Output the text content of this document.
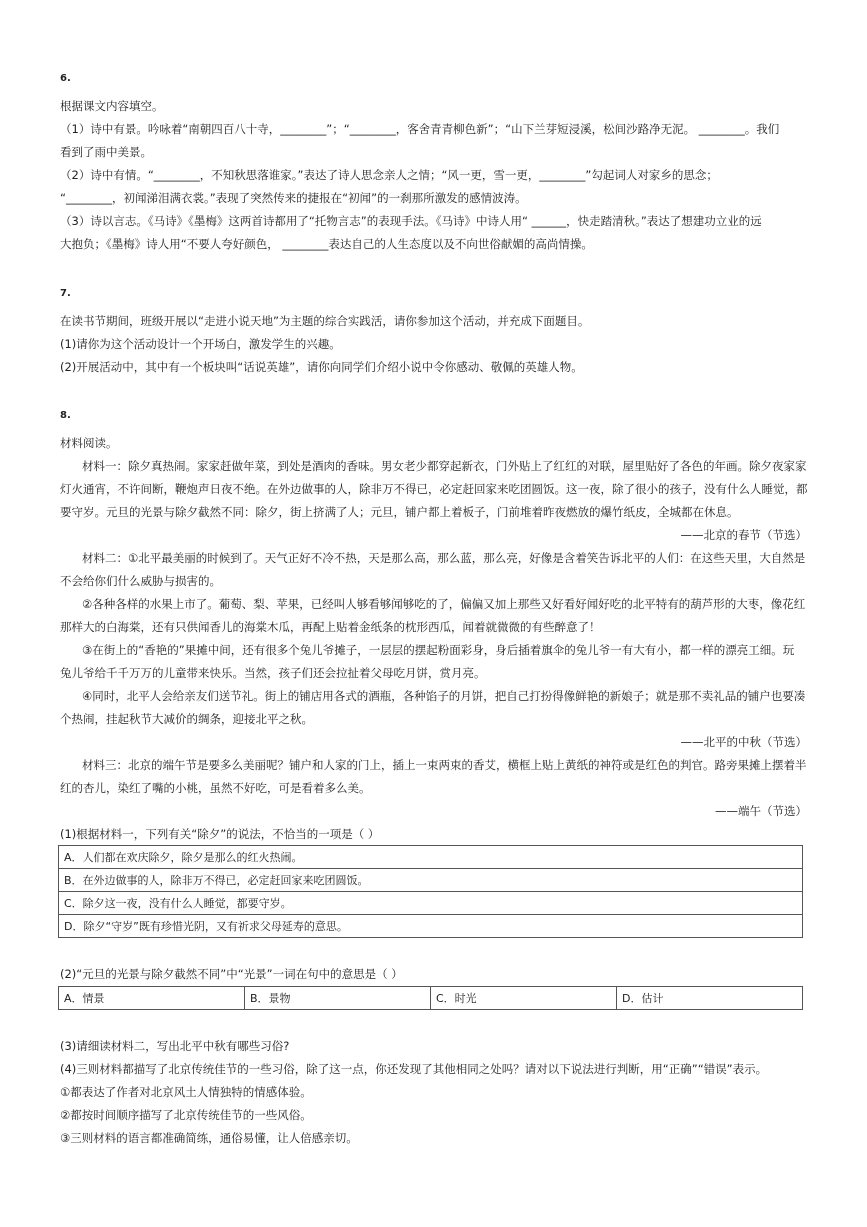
6.
根据课文内容填空。
（1）诗中有景。吟咏着“南朝四百八十寺，________”；“________，客舍青青柳色新”；“山下兰芽短浸溪，松间沙路净无泥。 ________。我们
看到了雨中美景。
（2）诗中有情。“________，不知秋思落谁家。”表达了诗人思念亲人之情；“风一更，雪一更，________”勾起词人对家乡的思念；
“________，初闻涕泪满衣裳。”表现了突然传来的捷报在“初闻”的一刹那所激发的感情波涛。
（3）诗以言志。《马诗》《墨梅》这两首诗都用了“托物言志”的表现手法。《马诗》中诗人用“ ______，快走踏清秋。”表达了想建功立业的远
大抱负；《墨梅》诗人用“不要人夸好颜色， ________表达自己的人生态度以及不向世俗献媚的高尚情操。
7.
在读书节期间，班级开展以“走进小说天地”为主题的综合实践活，请你参加这个活动，并充成下面题目。
(1)请你为这个活动设计一个开场白，激发学生的兴趣。
(2)开展活动中，其中有一个板块叫“话说英雄”，请你向同学们介绍小说中令你感动、敬佩的英雄人物。
8.
材料阅读。
材料一：除夕真热闹。家家赶做年菜，到处是酒肉的香味。男女老少都穿起新衣，门外贴上了红红的对联，屋里贴好了各色的年画。除夕夜家家
灯火通宵，不许间断，鞭炮声日夜不绝。在外边做事的人，除非万不得已，必定赶回家来吃团圆饭。这一夜，除了很小的孩子，没有什么人睡觉，都
要守岁。元旦的光景与除夕截然不同：除夕，街上挤满了人；元旦，铺户都上着板子，门前堆着昨夜燃放的爆竹纸皮，全城都在休息。
——北京的春节（节选）
材料二：①北平最美丽的时候到了。天气正好不冷不热，天是那么高，那么蓝，那么亮，好像是含着笑告诉北平的人们：在这些天里，大自然是
不会给你们什么威胁与损害的。
②各种各样的水果上市了。葡萄、梨、苹果，已经叫人够看够闻够吃的了，偏偏又加上那些又好看好闻好吃的北平特有的葫芦形的大枣，像花红
那样大的白海棠，还有只供闻香儿的海棠木瓜，再配上贴着金纸条的枕形西瓜，闻着就微微的有些醉意了！
③在街上的“香艳的”果摊中间，还有很多个兔儿爷摊子，一层层的摆起粉面彩身，身后插着旗伞的兔儿爷一有大有小，都一样的漂亮工细。玩
兔儿爷给千千万万的儿童带来快乐。当然，孩子们还会拉扯着父母吃月饼，赏月亮。
④同时，北平人会给亲友们送节礼。街上的铺店用各式的酒瓶，各种馅子的月饼，把自己打扮得像鲜艳的新娘子；就是那不卖礼品的铺户也要凑
个热闹，挂起秋节大减价的绸条，迎接北平之秋。
——北平的中秋（节选）
材料三：北京的端午节是要多么美丽呢？铺户和人家的门上，插上一束两束的香艾，横框上贴上黄纸的神符或是红色的判官。路旁果摊上摆着半
红的杏儿，染红了嘴的小桃，虽然不好吃，可是看着多么美。
——端午（节选）
(1)根据材料一，下列有关“除夕”的说法，不恰当的一项是（ ）
A．人们都在欢庆除夕，除夕是那么的红火热闹。
B．在外边做事的人，除非万不得已，必定赶回家来吃团圆饭。
C．除夕这一夜，没有什么人睡觉，都要守岁。
D．除夕“守岁”既有珍惜光阴，又有祈求父母延寿的意思。
(2)“元旦的光景与除夕截然不同”中“光景”一词在句中的意思是（ ）
A．情景	B．景物	C．时光	D．估计
(3)请细读材料二，写出北平中秋有哪些习俗?
(4)三则材料都描写了北京传统佳节的一些习俗，除了这一点，你还发现了其他相同之处吗？请对以下说法进行判断，用“正确”“错误”表示。
①都表达了作者对北京风土人情独特的情感体验。
②都按时间顺序描写了北京传统佳节的一些风俗。
③三则材料的语言都准确简练，通俗易懂，让人倍感亲切。
